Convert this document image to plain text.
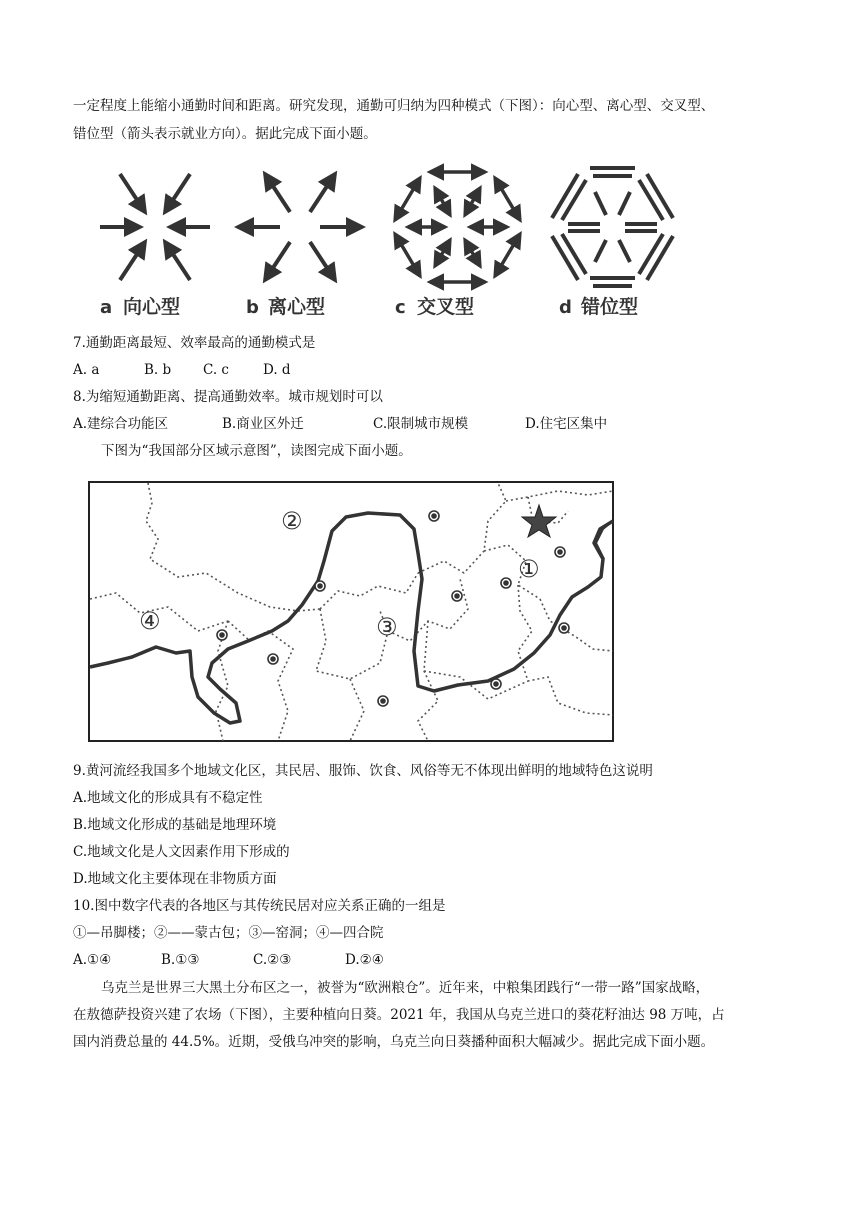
一定程度上能缩小通勤时间和距离。研究发现，通勤可归纳为四种模式（下图）：向心型、离心型、交叉型、
错位型（箭头表示就业方向）。据此完成下面小题。
a 向心型	b 离心型	c 交叉型	d 错位型
7.通勤距离最短、效率最高的通勤模式是
A. a	B. b C. c	D. d
8.为缩短通勤距离、提高通勤效率。城市规划时可以
A.建综合功能区	B.商业区外迁	C.限制城市规模	D.住宅区集中
下图为“我国部分区域示意图”，读图完成下面小题。
①
②
③
④
9.黄河流经我国多个地域文化区，其民居、服饰、饮食、风俗等无不体现出鲜明的地域特色这说明
A.地域文化的形成具有不稳定性
B.地域文化形成的基础是地理环境
C.地域文化是人文因素作用下形成的
D.地域文化主要体现在非物质方面
10.图中数字代表的各地区与其传统民居对应关系正确的一组是
①—吊脚楼；②——蒙古包；③—窑洞；④—四合院
A.①④	B.①③	C.②③	D.②④
乌克兰是世界三大黑土分布区之一，被誉为“欧洲粮仓”。近年来，中粮集团践行“一带一路”国家战略，
在敖德萨投资兴建了农场（下图），主要种植向日葵。2021 年，我国从乌克兰进口的葵花籽油达 98 万吨，占
国内消费总量的 44.5%。近期，受俄乌冲突的影响，乌克兰向日葵播种面积大幅减少。据此完成下面小题。
